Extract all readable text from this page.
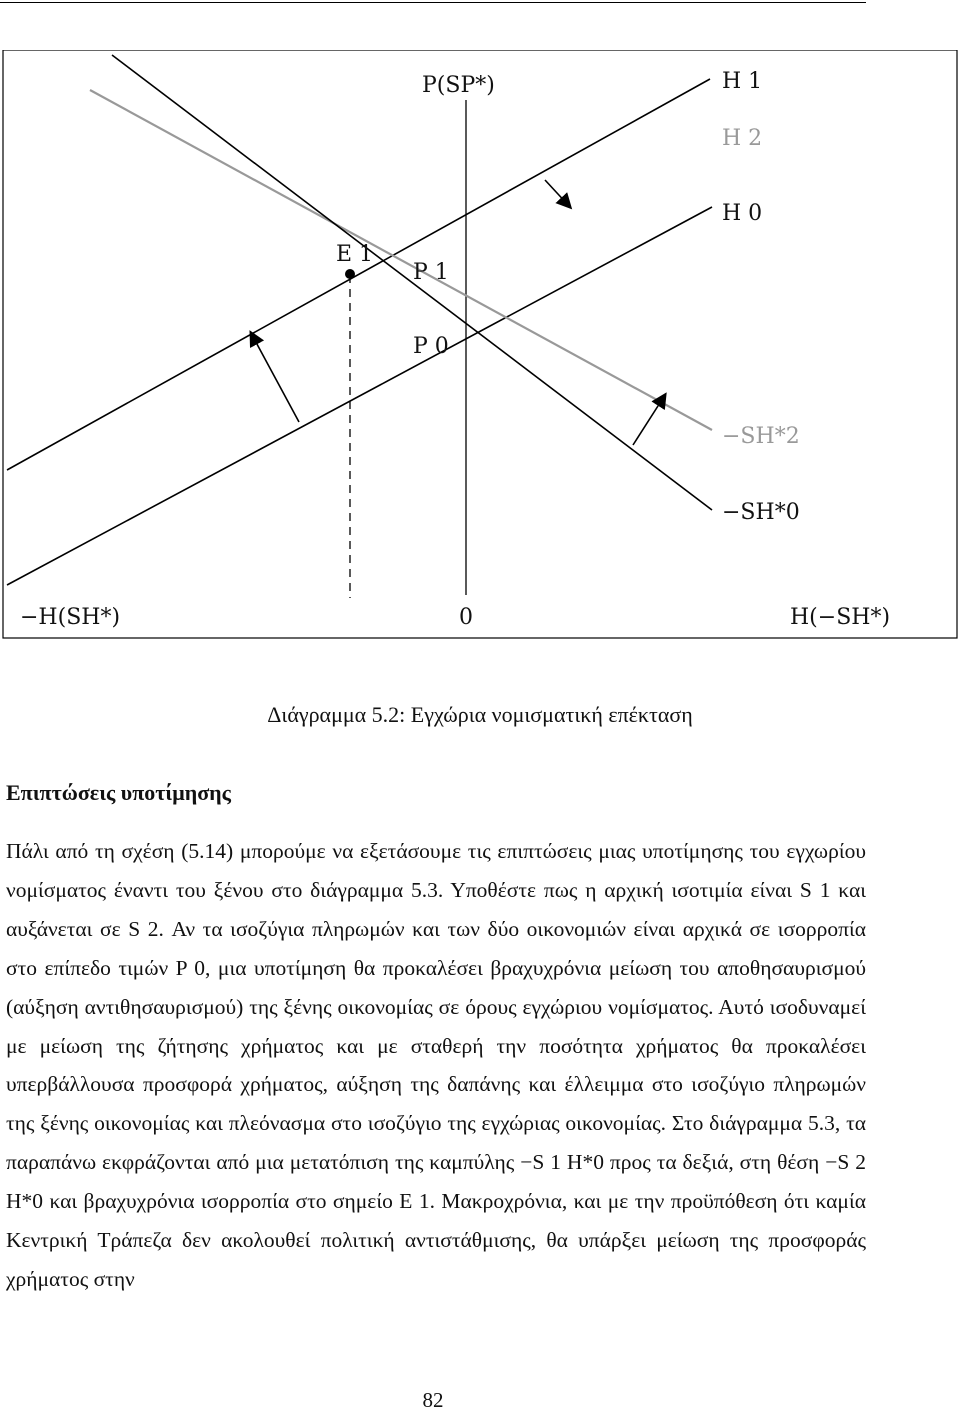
P(SP*)	H 1
H 2
H 0
E 1
P 1
P 0
−SH*2
−SH*0
−H(SH*)	0	H(−SH*)
Διάγραμμα 5.2: Εγχώρια νομισματική επέκταση
Επιπτώσεις υποτίμησης

Πάλι από τη σχέση (5.14) μπορούμε να εξετάσουμε τις επιπτώσεις μιας υποτίμησης του εγχωρίου νομίσματος έναντι του ξένου στο διάγραμμα 5.3. Υποθέστε πως η αρχική ισοτιμία είναι S 1 και αυξάνεται σε S 2. Αν τα ισοζύγια πληρωμών και των δύο οικονομιών είναι αρχικά σε ισορροπία στο επίπεδο τιμών P 0, μια υποτίμηση θα προκαλέσει βραχυχρόνια μείωση του αποθησαυρισμού (αύξηση αντιθησαυρισμού) της ξένης οικονομίας σε όρους εγχώριου νομίσματος. Αυτό ισοδυναμεί με μείωση της ζήτησης χρήματος και με σταθερή την ποσότητα χρήματος θα προκαλέσει υπερβάλλουσα προσφορά χρήματος, αύξηση της δαπάνης και έλλειμμα στο ισοζύγιο πληρωμών της ξένης οικονομίας και πλεόνασμα στο ισοζύγιο της εγχώριας οικονομίας. Στο διάγραμμα 5.3, τα παραπάνω εκφράζονται από μια μετατόπιση της καμπύλης −S 1 H*0 προς τα δεξιά, στη θέση −S 2 H*0 και βραχυχρόνια ισορροπία στο σημείο E 1. Μακροχρόνια, και με την προϋπόθεση ότι καμία Κεντρική Τράπεζα δεν ακολουθεί πολιτική αντιστάθμισης, θα υπάρξει μείωση της προσφοράς χρήματος στην

82
